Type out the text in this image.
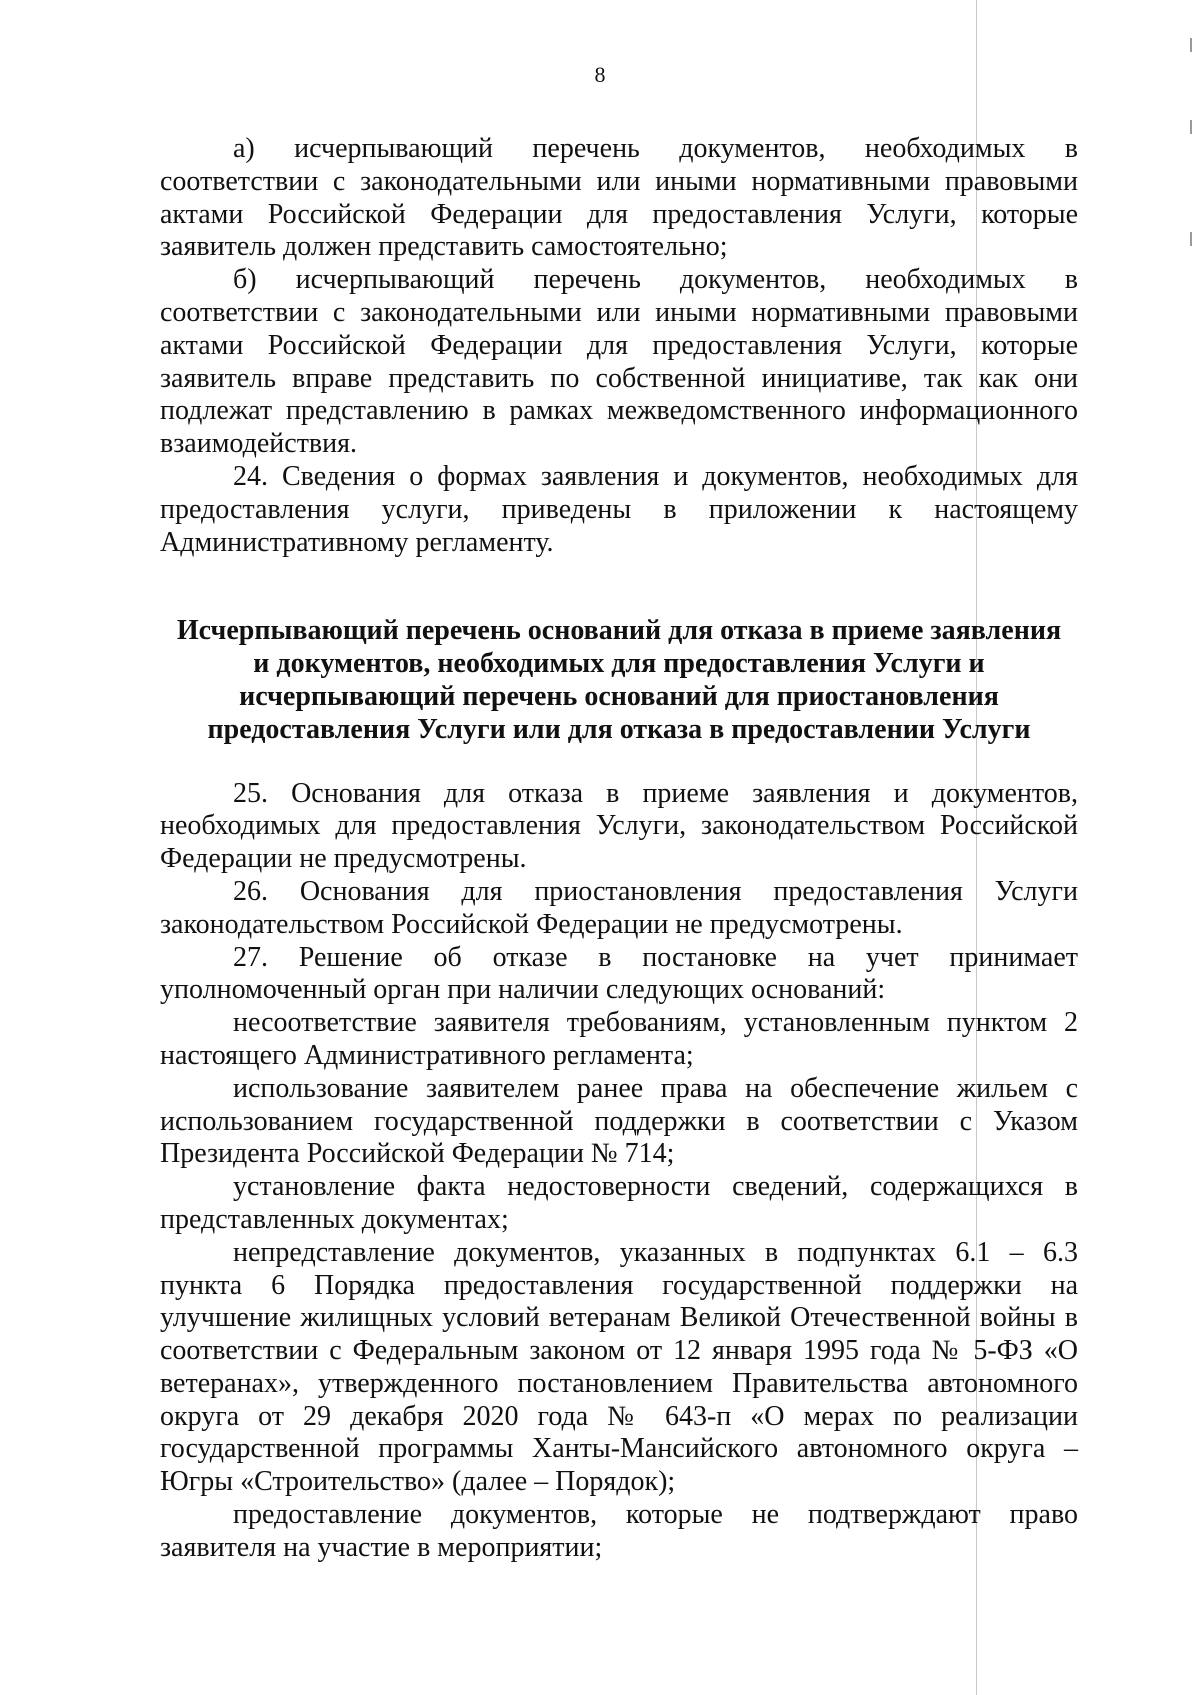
8

а) исчерпывающий перечень документов, необходимых в соответствии с законодательными или иными нормативными правовыми актами Российской Федерации для предоставления Услуги, которые заявитель должен представить самостоятельно;

б) исчерпывающий перечень документов, необходимых в соответствии с законодательными или иными нормативными правовыми актами Российской Федерации для предоставления Услуги, которые заявитель вправе представить по собственной инициативе, так как они подлежат представлению в рамках межведомственного информационного взаимодействия.

24. Сведения о формах заявления и документов, необходимых для предоставления услуги, приведены в приложении к настоящему Административному регламенту.

Исчерпывающий перечень оснований для отказа в приеме заявления
и документов, необходимых для предоставления Услуги и
исчерпывающий перечень оснований для приостановления
предоставления Услуги или для отказа в предоставлении Услуги

25. Основания для отказа в приеме заявления и документов, необходимых для предоставления Услуги, законодательством Российской Федерации не предусмотрены.

26. Основания для приостановления предоставления Услуги законодательством Российской Федерации не предусмотрены.

27. Решение об отказе в постановке на учет принимает уполномоченный орган при наличии следующих оснований:

несоответствие заявителя требованиям, установленным пунктом 2 настоящего Административного регламента;

использование заявителем ранее права на обеспечение жильем с использованием государственной поддержки в соответствии с Указом Президента Российской Федерации № 714;

установление факта недостоверности сведений, содержащихся в представленных документах;

непредставление документов, указанных в подпунктах 6.1 – 6.3 пункта 6 Порядка предоставления государственной поддержки на улучшение жилищных условий ветеранам Великой Отечественной войны в соответствии с Федеральным законом от 12 января 1995 года № 5-ФЗ «О ветеранах», утвержденного постановлением Правительства автономного округа от 29 декабря 2020 года № 643-п «О мерах по реализации государственной программы Ханты-Мансийского автономного округа – Югры «Строительство» (далее – Порядок);

предоставление документов, которые не подтверждают право заявителя на участие в мероприятии;
